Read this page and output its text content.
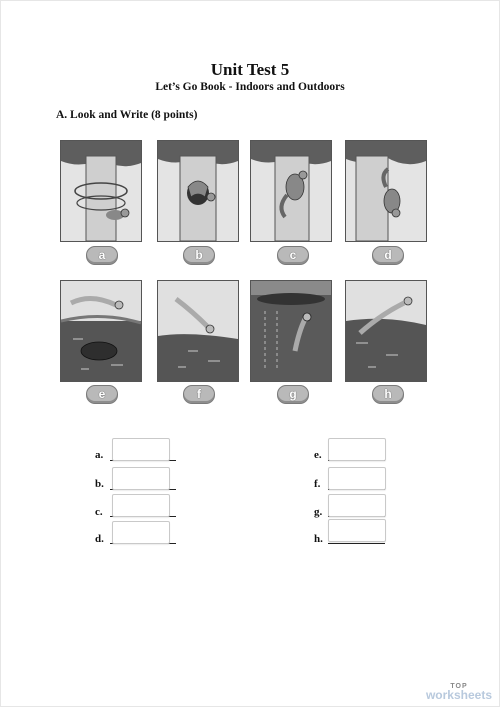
Unit Test 5
Let’s Go Book - Indoors and Outdoors
A. Look and Write (8 points)
a	b	c	d
e	f	g	h
a.
b.
c.
d.
e.
f.
g.
h.
TOP
worksheets
